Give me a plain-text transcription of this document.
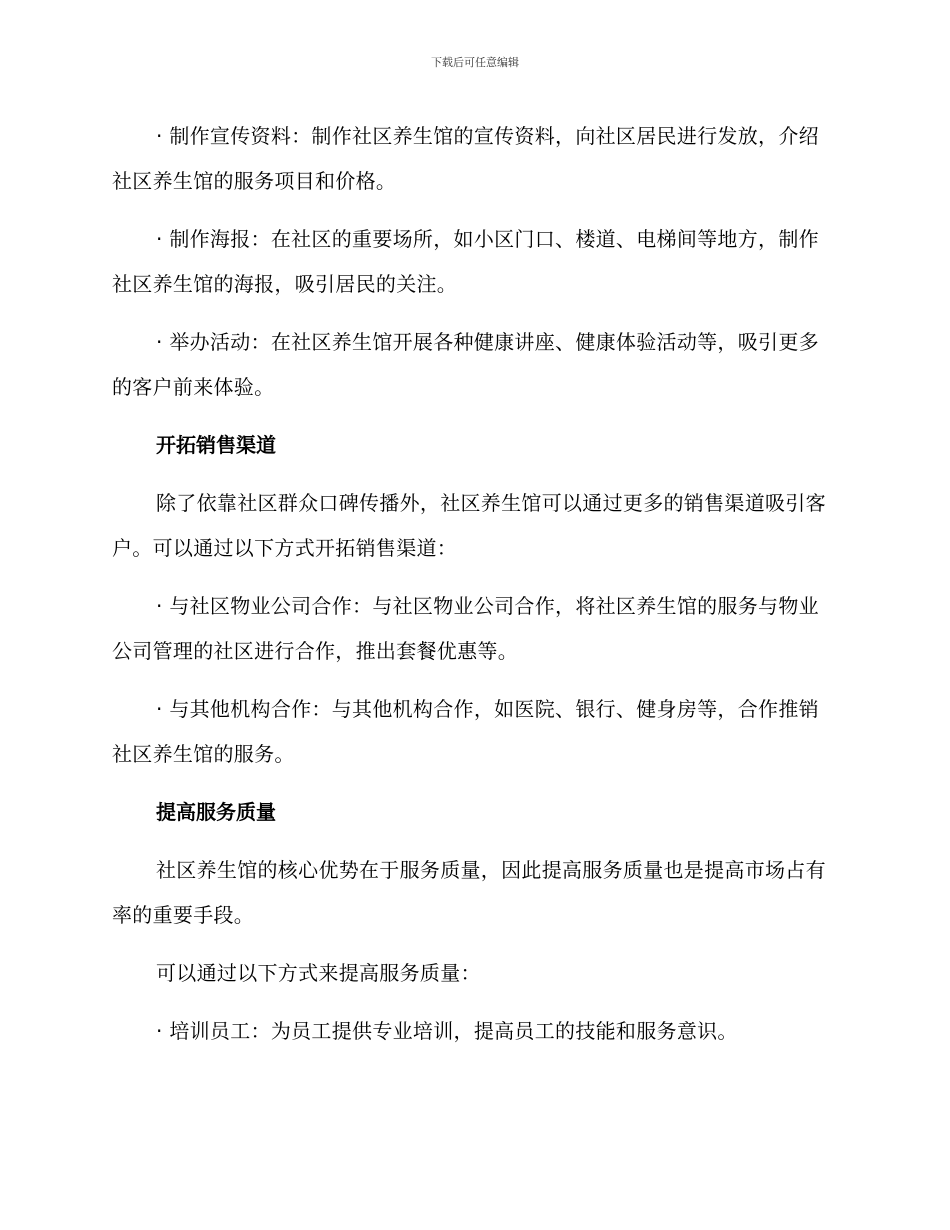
下载后可任意编辑

· 制作宣传资料：制作社区养生馆的宣传资料，向社区居民进行发放，介绍社区养生馆的服务项目和价格。

· 制作海报：在社区的重要场所，如小区门口、楼道、电梯间等地方，制作社区养生馆的海报，吸引居民的关注。

· 举办活动：在社区养生馆开展各种健康讲座、健康体验活动等，吸引更多的客户前来体验。

开拓销售渠道

除了依靠社区群众口碑传播外，社区养生馆可以通过更多的销售渠道吸引客户。可以通过以下方式开拓销售渠道：

· 与社区物业公司合作：与社区物业公司合作，将社区养生馆的服务与物业公司管理的社区进行合作，推出套餐优惠等。

· 与其他机构合作：与其他机构合作，如医院、银行、健身房等，合作推销社区养生馆的服务。

提高服务质量

社区养生馆的核心优势在于服务质量，因此提高服务质量也是提高市场占有率的重要手段。

可以通过以下方式来提高服务质量：

· 培训员工：为员工提供专业培训，提高员工的技能和服务意识。
